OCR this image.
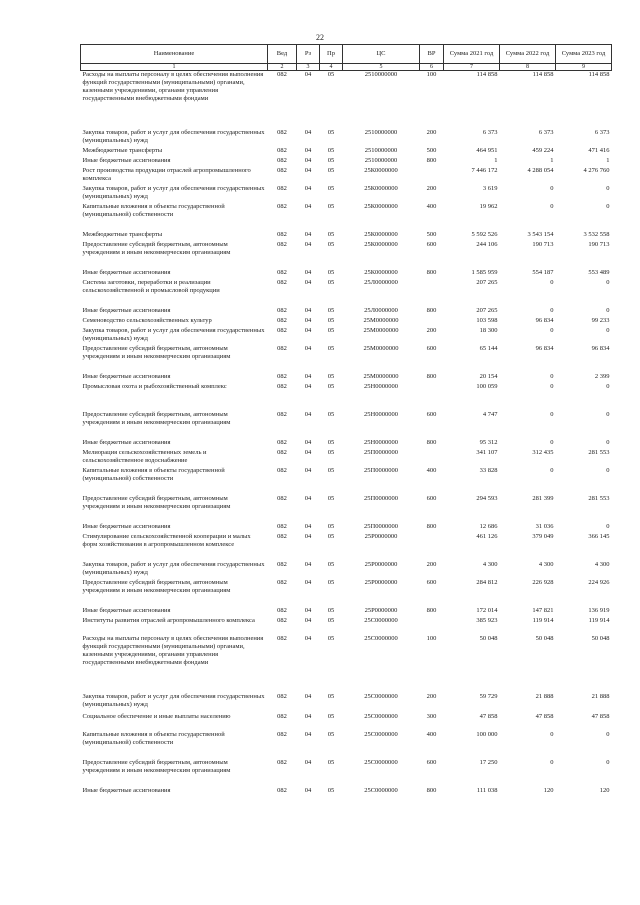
22
Наименование	Вед	Рз	Пр	ЦС	ВР	Сумма 2021 год	Сумма 2022 год	Сумма 2023 год
1	2	3	4	5	6	7	8	9
Расходы на выплаты персоналу в целях обеспечения выполнения функций государственными (муниципальными) органами, казенными учреждениями, органами управления государственными внебюджетными фондами	082	04	05	2510000000	100	114 858	114 858	114 858
Закупка товаров, работ и услуг для обеспечения государственных (муниципальных) нужд	082	04	05	2510000000	200	6 373	6 373	6 373
Межбюджетные трансферты	082	04	05	2510000000	500	464 951	459 224	471 416
Иные бюджетные ассигнования	082	04	05	2510000000	800	1	1	1
Рост производства продукции отраслей агропромышленного комплекса	082	04	05	25К0000000		7 446 172	4 288 054	4 276 760
Закупка товаров, работ и услуг для обеспечения государственных (муниципальных) нужд	082	04	05	25К0000000	200	3 619	0	0
Капитальные вложения в объекты государственной (муниципальной) собственности	082	04	05	25К0000000	400	19 962	0	0
Межбюджетные трансферты	082	04	05	25К0000000	500	5 592 526	3 543 154	3 532 558
Предоставление субсидий бюджетным, автономным учреждениям и иным некоммерческим организациям	082	04	05	25К0000000	600	244 106	190 713	190 713
Иные бюджетные ассигнования	082	04	05	25К0000000	800	1 585 959	554 187	553 489
Система заготовки, переработки и реализации сельскохозяйственной и промысловой продукции	082	04	05	25Л0000000		207 265	0	0
Иные бюджетные ассигнования	082	04	05	25Л0000000	800	207 265	0	0
Семеноводство сельскохозяйственных культур	082	04	05	25М0000000		103 598	96 834	99 233
Закупка товаров, работ и услуг для обеспечения государственных (муниципальных) нужд	082	04	05	25М0000000	200	18 300	0	0
Предоставление субсидий бюджетным, автономным учреждениям и иным некоммерческим организациям	082	04	05	25М0000000	600	65 144	96 834	96 834
Иные бюджетные ассигнования	082	04	05	25М0000000	800	20 154	0	2 399
Промысловая охота и рыбохозяйственный комплекс	082	04	05	25Н0000000		100 059	0	0
Предоставление субсидий бюджетным, автономным учреждениям и иным некоммерческим организациям	082	04	05	25Н0000000	600	4 747	0	0
Иные бюджетные ассигнования	082	04	05	25Н0000000	800	95 312	0	0
Мелиорация сельскохозяйственных земель и сельскохозяйственное водоснабжение	082	04	05	25П0000000		341 107	312 435	281 553
Капитальные вложения в объекты государственной (муниципальной) собственности	082	04	05	25П0000000	400	33 828	0	0
Предоставление субсидий бюджетным, автономным учреждениям и иным некоммерческим организациям	082	04	05	25П0000000	600	294 593	281 399	281 553
Иные бюджетные ассигнования	082	04	05	25П0000000	800	12 686	31 036	0
Стимулирование сельскохозяйственной кооперации и малых форм хозяйствования в агропромышленном комплексе	082	04	05	25Р0000000		461 126	379 049	366 145
Закупка товаров, работ и услуг для обеспечения государственных (муниципальных) нужд	082	04	05	25Р0000000	200	4 300	4 300	4 300
Предоставление субсидий бюджетным, автономным учреждениям и иным некоммерческим организациям	082	04	05	25Р0000000	600	284 812	226 928	224 926
Иные бюджетные ассигнования	082	04	05	25Р0000000	800	172 014	147 821	136 919
Институты развития отраслей агропромышленного комплекса	082	04	05	25С0000000		385 923	119 914	119 914
Расходы на выплаты персоналу в целях обеспечения выполнения функций государственными (муниципальными) органами, казенными учреждениями, органами управления государственными внебюджетными фондами	082	04	05	25С0000000	100	50 048	50 048	50 048
Закупка товаров, работ и услуг для обеспечения государственных (муниципальных) нужд	082	04	05	25С0000000	200	59 729	21 888	21 888
Социальное обеспечение и иные выплаты населению	082	04	05	25С0000000	300	47 858	47 858	47 858
Капитальные вложения в объекты государственной (муниципальной) собственности	082	04	05	25С0000000	400	100 000	0	0
Предоставление субсидий бюджетным, автономным учреждениям и иным некоммерческим организациям	082	04	05	25С0000000	600	17 250	0	0
Иные бюджетные ассигнования	082	04	05	25С0000000	800	111 038	120	120
